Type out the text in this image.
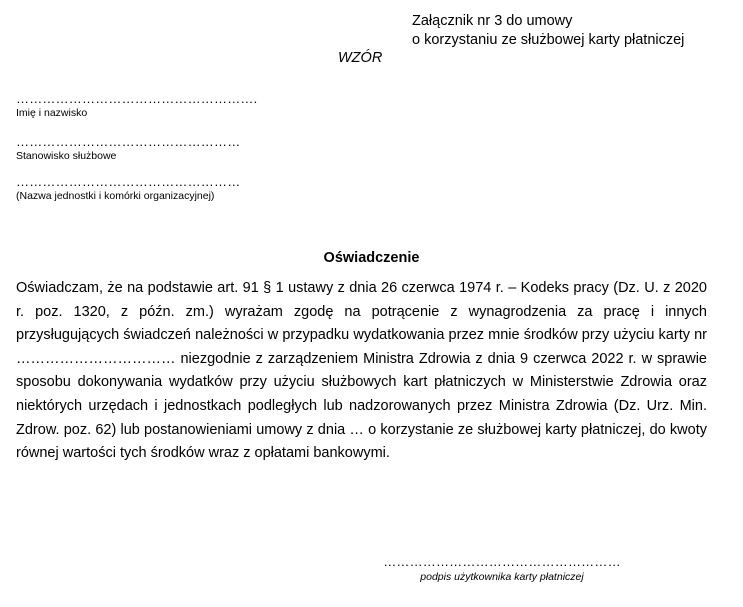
Załącznik nr 3 do umowy
o korzystaniu ze służbowej karty płatniczej
WZÓR
……………………………………………….
Imię i nazwisko
……………………………………………
Stanowisko służbowe
……………………………………………
(Nazwa jednostki i komórki organizacyjnej)
Oświadczenie

Oświadczam, że na podstawie art. 91 § 1 ustawy z dnia 26 czerwca 1974 r. – Kodeks pracy (Dz. U. z 2020 r. poz. 1320, z późn. zm.) wyrażam zgodę na potrącenie z wynagrodzenia za pracę i innych przysługujących świadczeń należności w przypadku wydatkowania przez mnie środków przy użyciu karty nr …………………………… niezgodnie z zarządzeniem Ministra Zdrowia z dnia 9 czerwca 2022 r. w sprawie sposobu dokonywania wydatków przy użyciu służbowych kart płatniczych w Ministerstwie Zdrowia oraz niektórych urzędach i jednostkach podległych lub nadzorowanych przez Ministra Zdrowia (Dz. Urz. Min. Zdrow. poz. 62) lub postanowieniami umowy z dnia … o korzystanie ze służbowej karty płatniczej, do kwoty równej wartości tych środków wraz z opłatami bankowymi.

………………………………………………
podpis użytkownika karty płatniczej
